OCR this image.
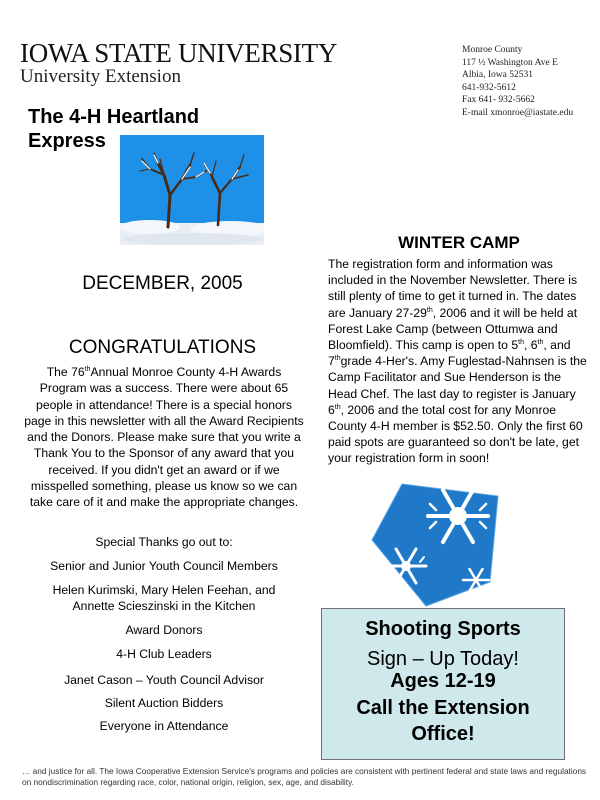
IOWA STATE UNIVERSITY
University Extension
Monroe County
117 ½ Washington Ave E
Albia, Iowa 52531
641-932-5612
Fax 641- 932-5662
E-mail xmonroe@iastate.edu
The 4-H Heartland
Express
DECEMBER, 2005
CONGRATULATIONS
The 76thAnnual Monroe County 4-H Awards Program was a success. There were about 65 people in attendance! There is a special honors page in this newsletter with all the Award Recipients and the Donors. Please make sure that you write a Thank You to the Sponsor of any award that you received. If you didn't get an award or if we misspelled something, please us know so we can take care of it and make the appropriate changes.
Special Thanks go out to:
Senior and Junior Youth Council Members
Helen Kurimski, Mary Helen Feehan, and
Annette Scieszinski in the Kitchen
Award Donors
4-H Club Leaders
Janet Cason – Youth Council Advisor
Silent Auction Bidders
Everyone in Attendance
WINTER CAMP
The registration form and information was included in the November Newsletter. There is still plenty of time to get it turned in. The dates are January 27-29th, 2006 and it will be held at Forest Lake Camp (between Ottumwa and Bloomfield). This camp is open to 5th, 6th, and 7thgrade 4-Her's. Amy Fuglestad-Nahnsen is the Camp Facilitator and Sue Henderson is the Head Chef. The last day to register is January 6th, 2006 and the total cost for any Monroe County 4-H member is $52.50. Only the first 60 paid spots are guaranteed so don't be late, get your registration form in soon!
Shooting Sports
Sign – Up Today!
Ages 12-19
Call the Extension
Office!
… and justice for all. The Iowa Cooperative Extension Service's programs and policies are consistent with pertinent federal and state laws and regulations on nondiscrimination regarding race, color, national origin, religion, sex, age, and disability.
